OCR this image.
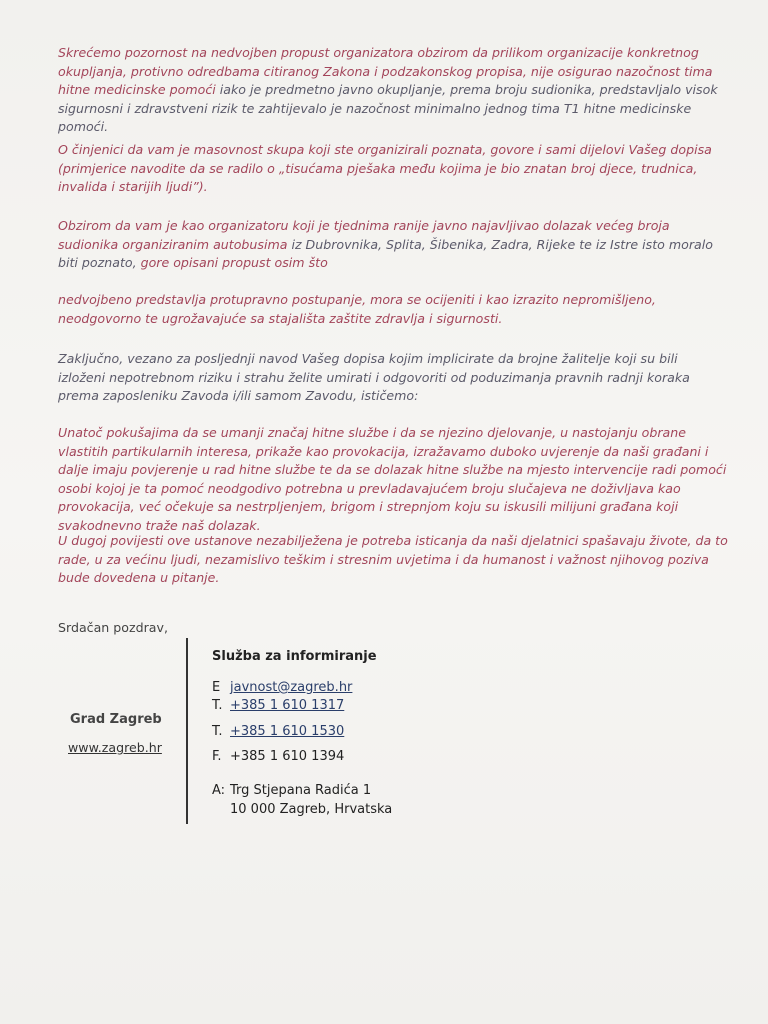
Skrećemo pozornost na nedvojben propust organizatora obzirom da prilikom organizacije konkretnog okupljanja, protivno odredbama citiranog Zakona i podzakonskog propisa, nije osigurao nazočnost tima hitne medicinske pomoći iako je predmetno javno okupljanje, prema broju sudionika, predstavljalo visok sigurnosni i zdravstveni rizik te zahtijevalo je nazočnost minimalno jednog tima T1 hitne medicinske pomoći.

O činjenici da vam je masovnost skupa koji ste organizirali poznata, govore i sami dijelovi Vašeg dopisa (primjerice navodite da se radilo o „tisućama pješaka među kojima je bio znatan broj djece, trudnica, invalida i starijih ljudi”).

Obzirom da vam je kao organizatoru koji je tjednima ranije javno najavljivao dolazak većeg broja sudionika organiziranim autobusima iz Dubrovnika, Splita, Šibenika, Zadra, Rijeke te iz Istre isto moralo biti poznato, gore opisani propust osim što

nedvojbeno predstavlja protupravno postupanje, mora se ocijeniti i kao izrazito nepromišljeno, neodgovorno te ugrožavajuće sa stajališta zaštite zdravlja i sigurnosti.

Zaključno, vezano za posljednji navod Vašeg dopisa kojim implicirate da brojne žaliteljе koji su bili izloženi nepotrebnom riziku i strahu želite umirati i odgovoriti od poduzimanja pravnih radnji koraka prema zaposleniku Zavoda i/ili samom Zavodu, ističemo:

Unatoč pokušajima da se umanji značaj hitne službe i da se njezino djelovanje, u nastojanju obrane vlastitih partikularnih interesa, prikaže kao provokacija, izražavamo duboko uvjerenje da naši građani i dalje imaju povjerenje u rad hitne službe te da se dolazak hitne službe na mjesto intervencije radi pomoći osobi kojoj je ta pomoć neodgodivo potrebna u prevladavajućem broju slučajeva ne doživljava kao provokacija, već očekuje sa nestrpljenjem, brigom i strepnjom koju su iskusili milijuni građana koji svakodnevno traže naš dolazak.

U dugoj povijesti ove ustanove nezabilježena je potreba isticanja da naši djelatnici spašavaju živote, da to rade, u za većinu ljudi, nezamislivo teškim i stresnim uvjetima i da humanost i važnost njihovog poziva bude dovedena u pitanje.

Srdačan pozdrav,
Grad Zagreb
www.zagreb.hr
Služba za informiranje
E javnost@zagreb.hr
T. +385 1 610 1317
T. +385 1 610 1530
F. +385 1 610 1394
A: Trg Stjepana Radića 1
10 000 Zagreb, Hrvatska
